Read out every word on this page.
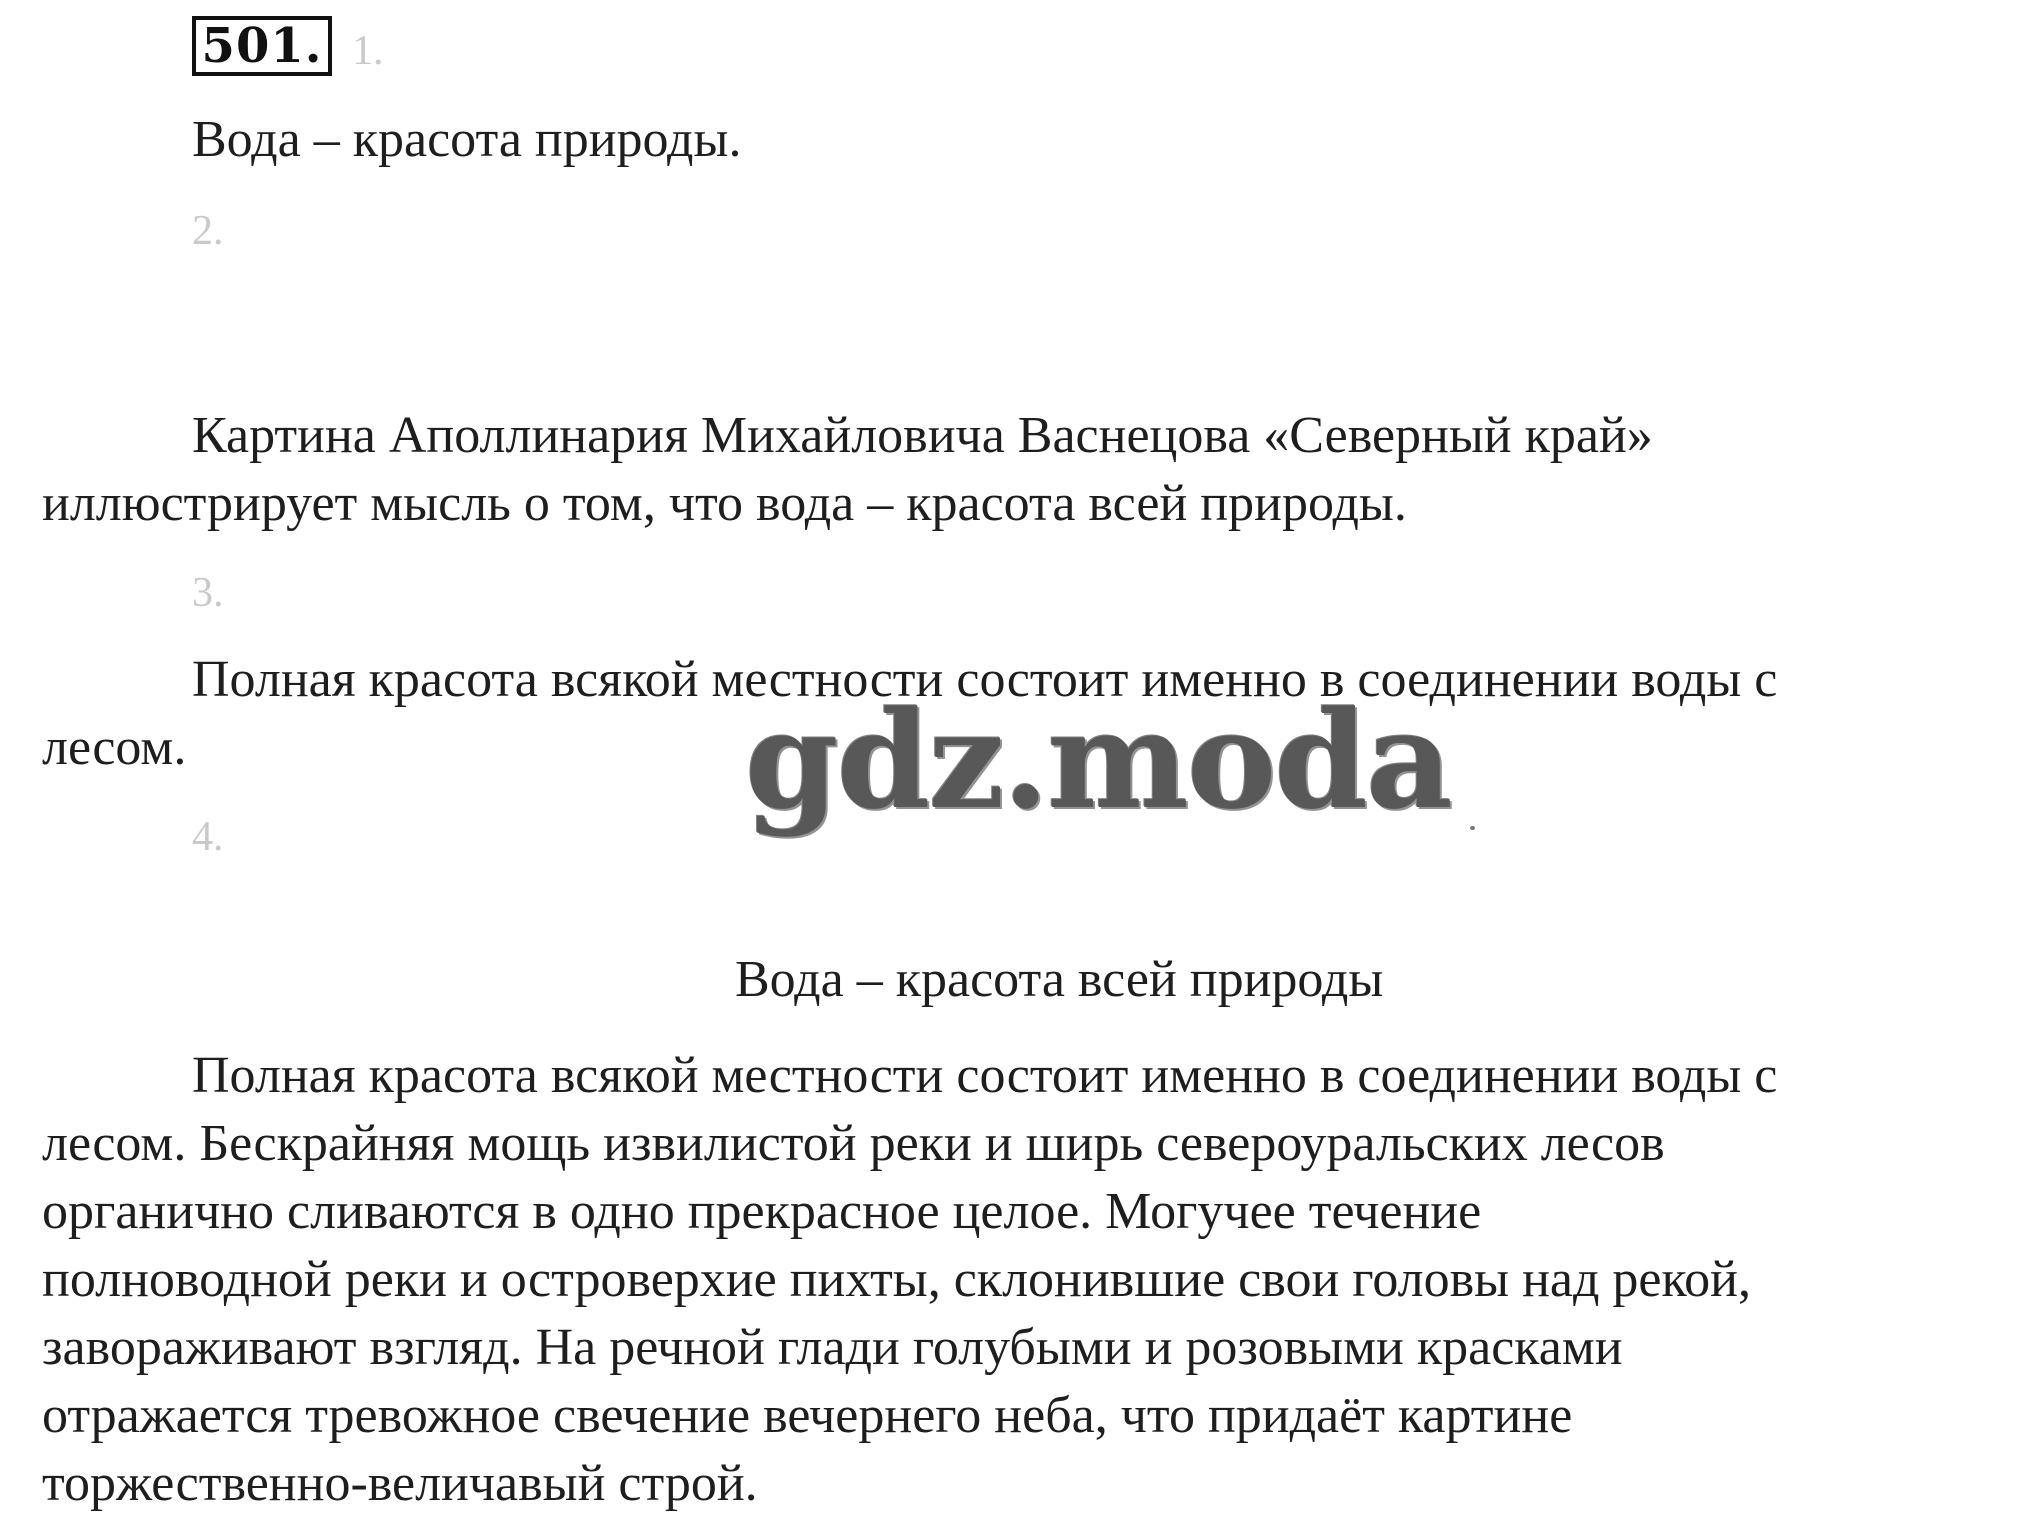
501. 1.
Вода – красота природы.
2.
Картина Аполлинария Михайловича Васнецова «Северный край»
иллюстрирует мысль о том, что вода – красота всей природы.
3.
Полная красота всякой местности состоит именно в соединении воды с
лесом.
4.
Вода – красота всей природы
Полная красота всякой местности состоит именно в соединении воды с
лесом. Бескрайняя мощь извилистой реки и ширь североуральских лесов
органично сливаются в одно прекрасное целое. Могучее течение
полноводной реки и островерхие пихты, склонившие свои головы над рекой,
завораживают взгляд. На речной глади голубыми и розовыми красками
отражается тревожное свечение вечернего неба, что придаёт картине
торжественно-величавый строй.
gdz.moda
